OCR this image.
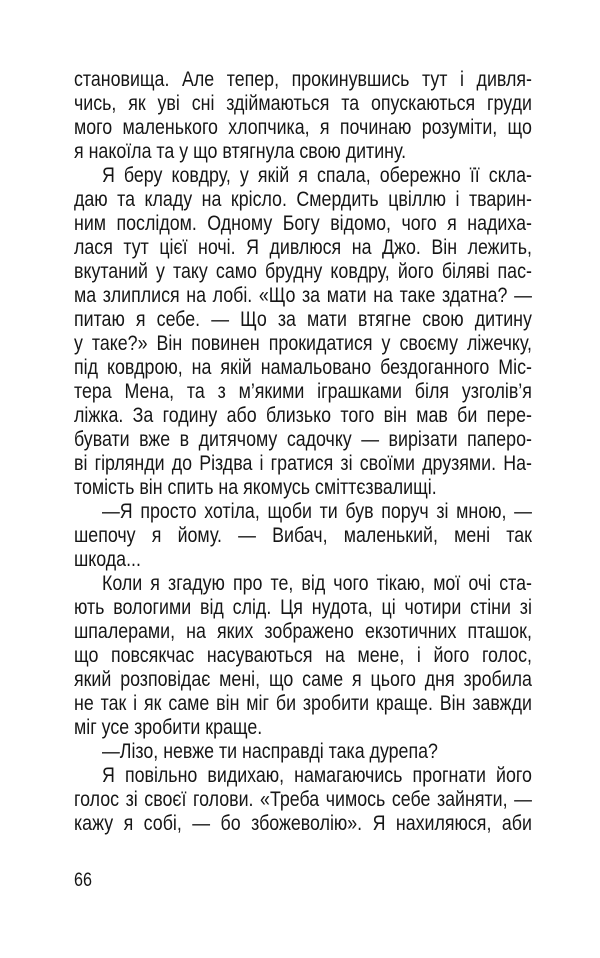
становища. Але тепер, прокинувшись тут і дивля-
чись, як уві сні здіймаються та опускаються груди
мого маленького хлопчика, я починаю розуміти, що
я накоїла та у що втягнула свою дитину.
Я беру ковдру, у якій я спала, обережно її скла-
даю та кладу на крісло. Смердить цвіллю і тварин-
ним послідом. Одному Богу відомо, чого я надиха-
лася тут цієї ночі. Я дивлюся на Джо. Він лежить,
вкутаний у таку само брудну ковдру, його біляві пас-
ма злиплися на лобі. «Що за мати на таке здатна? —
питаю я себе. — Що за мати втягне свою дитину
у таке?» Він повинен прокидатися у своєму ліжечку,
під ковдрою, на якій намальовано бездоганного Міс-
тера Мена, та з м’якими іграшками біля узголів’я
ліжка. За годину або близько того він мав би пере-
бувати вже в дитячому садочку — вирізати паперо-
ві гірлянди до Різдва і гратися зі своїми друзями. На-
томість він спить на якомусь сміттєзвалищі.
—Я просто хотіла, щоби ти був поруч зі мною, —
шепочу я йому. — Вибач, маленький, мені так
шкода...
Коли я згадую про те, від чого тікаю, мої очі ста-
ють вологими від слід. Ця нудота, ці чотири стіни зі
шпалерами, на яких зображено екзотичних пташок,
що повсякчас насуваються на мене, і його голос,
який розповідає мені, що саме я цього дня зробила
не так і як саме він міг би зробити краще. Він завжди
міг усе зробити краще.
—Лізо, невже ти насправді така дурепа?
Я повільно видихаю, намагаючись прогнати його
голос зі своєї голови. «Треба чимось себе зайняти, —
кажу я собі, — бо збожеволію». Я нахиляюся, аби
66
